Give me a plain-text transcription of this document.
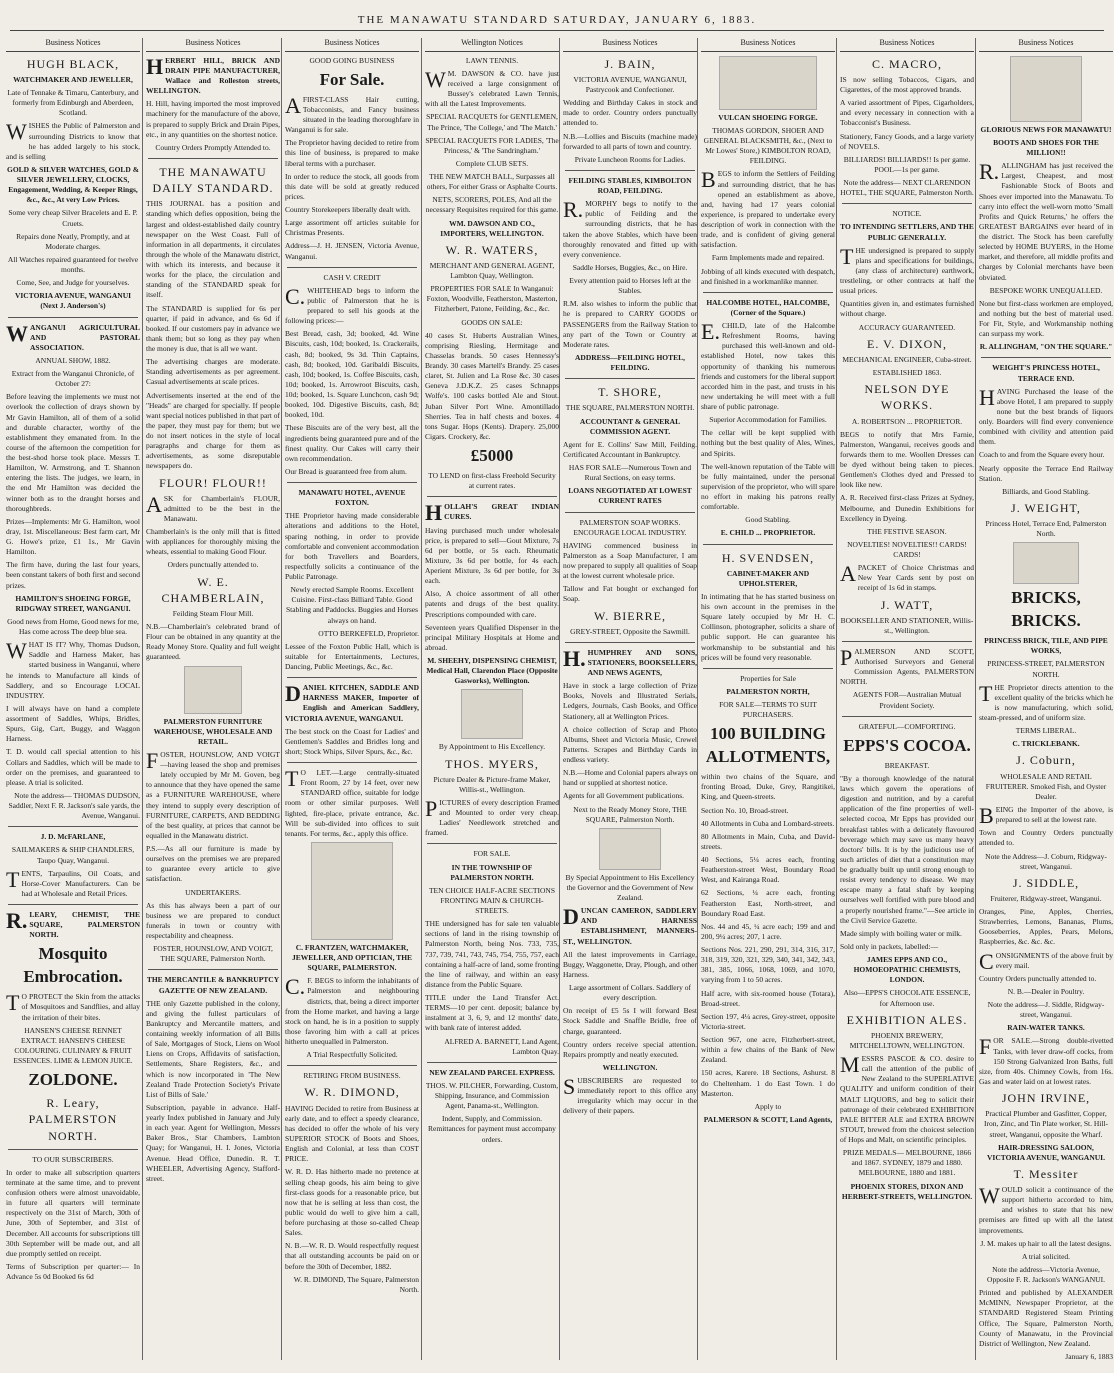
THE MANAWATU STANDARD SATURDAY, JANUARY 6, 1883.
Business Notices
HUGH BLACK,
WATCHMAKER AND JEWELLER,
Late of Tennake & Timaru, Canterbury, and formerly from Edinburgh and Aberdeen, Scotland.
WISHES the Public of Palmerston and surrounding Districts to know that he has added largely to his stock, and is selling
GOLD & SILVER WATCHES, GOLD & SILVER JEWELLERY, CLOCKS, Engagement, Wedding, & Keeper Rings, &c., &c., At very Low Prices.
Some very cheap Silver Bracelets and E. P. Cruets.
Repairs done Neatly, Promptly, and at Moderate charges.
All Watches repaired guaranteed for twelve months.
Come, See, and Judge for yourselves.
VICTORIA AVENUE, WANGANUI (Next J. Anderson's)
WANGANUI AGRICULTURAL AND PASTORAL ASSOCIATION.
ANNUAL SHOW, 1882.
Extract from the Wanganui Chronicle, of October 27:
Before leaving the implements we must not overlook the collection of drays shown by Mr Gavin Hamilton, all of them of a solid and durable character, worthy of the establishment they emanated from. In the course of the afternoon the competition for the best-shod horse took place. Messrs T. Hamilton, W. Armstrong, and T. Shannon entering the lists. The judges, we learn, in the end Mr Hamilton was decided the winner both as to the draught horses and thoroughbreds.
Prizes—Implements: Mr G. Hamilton, wool dray, 1st. Miscellaneous: Best farm cart, Mr G. Howe's prize, £1 1s., Mr Gavin Hamilton.
The firm have, during the last four years, been constant takers of both first and second prizes.
HAMILTON'S SHOEING FORGE, RIDGWAY STREET, WANGANUI.
Good news from Home, Good news for me, Has come across The deep blue sea.
WHAT IS IT? Why, Thomas Dudson, Saddle and Harness Maker, has started business in Wanganui, where he intends to Manufacture all kinds of Saddlery, and so Encourage LOCAL INDUSTRY.
I will always have on hand a complete assortment of Saddles, Whips, Bridles, Spurs, Gig, Cart, Buggy, and Waggon Harness.
T. D. would call special attention to his Collars and Saddles, which will be made to order on the premises, and guaranteed to please. A trial is solicited.
Note the address— THOMAS DUDSON, Saddler, Next F. R. Jackson's sale yards, the Avenue, Wanganui.
J. D. McFARLANE,
SAILMAKERS & SHIP CHANDLERS, Taupo Quay, Wanganui.
TENTS, Tarpaulins, Oil Coats, and Horse-Cover Manufacturers. Can be had at Wholesale and Retail Prices.
R.LEARY, CHEMIST, THE SQUARE, PALMERSTON NORTH.
Mosquito Embrocation.
TO PROTECT the Skin from the attacks of Mosquitoes and Sandflies, and allay the irritation of their bites.
HANSEN'S CHEESE RENNET EXTRACT. HANSEN'S CHEESE COLOURING. CULINARY & FRUIT ESSENCES. LIME & LEMON JUICE.
ZOLDONE.
R. Leary, PALMERSTON NORTH.
TO OUR SUBSCRIBERS.
In order to make all subscription quarters terminate at the same time, and to prevent confusion others were almost unavoidable, in future all quarters will terminate respectively on the 31st of March, 30th of June, 30th of September, and 31st of December. All accounts for subscriptions till 30th September will be made out, and all due promptly settled on receipt.
Terms of Subscription per quarter:— In Advance 5s 0d Booked 6s 6d
Business Notices
HERBERT HILL, BRICK AND DRAIN PIPE MANUFACTURER, Wallace and Rolleston streets, WELLINGTON.
H. Hill, having imported the most improved machinery for the manufacture of the above, is prepared to supply Brick and Drain Pipes, etc., in any quantities on the shortest notice.
Country Orders Promptly Attended to.
THE MANAWATU DAILY STANDARD.
THIS JOURNAL has a position and standing which defies opposition, being the largest and oldest-established daily country newspaper on the West Coast. Full of information in all departments, it circulates through the whole of the Manawatu district, with which its interests, and because it works for the place, the circulation and standing of the STANDARD speak for itself.
The STANDARD is supplied for 6s per quarter, if paid in advance, and 6s 6d if booked. If our customers pay in advance we thank them; but so long as they pay when the money is due, that is all we want.
The advertising charges are moderate. Standing advertisements as per agreement. Casual advertisements at scale prices.
Advertisements inserted at the end of the "Heads" are charged for specially. If people want special notices published in that part of the paper, they must pay for them; but we do not insert notices in the style of local paragraphs and charge for them as advertisements, as some disreputable newspapers do.
FLOUR! FLOUR!!
ASK for Chamberlain's FLOUR, admitted to be the best in the Manawatu.
Chamberlain's is the only mill that is fitted with appliances for thoroughly mixing the wheats, essential to making Good Flour.
Orders punctually attended to.
W. E. CHAMBERLAIN,
Feilding Steam Flour Mill.
N.B.—Chamberlain's celebrated brand of Flour can be obtained in any quantity at the Ready Money Store. Quality and full weight guaranteed.
PALMERSTON FURNITURE WAREHOUSE, WHOLESALE AND RETAIL.
FOSTER, HOUNSLOW, AND VOIGT—having leased the shop and premises lately occupied by Mr M. Goven, beg to announce that they have opened the same as a FURNITURE WAREHOUSE, where they intend to supply every description of FURNITURE, CARPETS, AND BEDDING of the best quality, at prices that cannot be equalled in the Manawatu district.
P.S.—As all our furniture is made by ourselves on the premises we are prepared to guarantee every article to give satisfaction.
UNDERTAKERS.
As this has always been a part of our business we are prepared to conduct funerals in town or country with respectability and cheapness.
FOSTER, HOUNSLOW, AND VOIGT, THE SQUARE, Palmerston North.
THE MERCANTILE & BANKRUPTCY GAZETTE OF NEW ZEALAND.
THE only Gazette published in the colony, and giving the fullest particulars of Bankruptcy and Mercantile matters, and containing weekly information of all Bills of Sale, Mortgages of Stock, Liens on Wool Liens on Crops, Affidavits of satisfaction, Settlements, Share Registers, &c., and which is now incorporated in 'The New Zealand Trade Protection Society's Private List of Bills of Sale.'
Subscription, payable in advance. Half-yearly Index published in January and July in each year. Agent for Wellington, Messrs Baker Bros., Star Chambers, Lambton Quay; for Wanganui, H. I. Jones, Victoria Avenue. Head Office, Dunedin. R. T. WHEELER, Advertising Agency, Stafford-street.
Business Notices
GOOD GOING BUSINESS
For Sale.
AFIRST-CLASS Hair cutting, Tobacconists, and Fancy business situated in the leading thoroughfare in Wanganui is for sale.
The Proprietor having decided to retire from this line of business, is prepared to make liberal terms with a purchaser.
In order to reduce the stock, all goods from this date will be sold at greatly reduced prices.
Country Storekeepers liberally dealt with.
Large assortment off articles suitable for Christmas Presents.
Address—J. H. JENSEN, Victoria Avenue, Wanganui.
CASH V. CREDIT
C.WHITEHEAD begs to inform the public of Palmerston that he is prepared to sell his goods at the following prices:—
Best Bread, cash, 3d; booked, 4d. Wine Biscuits, cash, 10d; booked, 1s. Crackerails, cash, 8d; booked, 9s 3d. Thin Captains, cash, 8d; booked, 10d. Garibaldi Biscuits, cash, 10d; booked, 1s. Coffee Biscuits, cash, 10d; booked, 1s. Arrowroot Biscuits, cash, 10d; booked, 1s. Square Lunchcon, cash 9d; booked, 10d. Digestive Biscuits, cash, 8d; booked, 10d.
These Biscuits are of the very best, all the ingredients being guaranteed pure and of the finest quality. Our Cakes will carry their own recommendation.
Our Bread is guaranteed free from alum.
MANAWATU HOTEL, AVENUE FOXTON.
THE Proprietor having made considerable alterations and additions to the Hotel, sparing nothing, in order to provide comfortable and convenient accommodation for both Travellers and Boarders, respectfully solicits a continuance of the Public Patronage.
Newly erected Sample Rooms. Excellent Cuisine. First-class Billiard Table. Good Stabling and Paddocks. Buggies and Horses always on hand.
OTTO BERKEFELD, Proprietor.
Lessee of the Foxton Public Hall, which is suitable for Entertainments, Lectures, Dancing, Public Meetings, &c., &c.
DANIEL KITCHEN, SADDLE AND HARNESS MAKER, Importer of English and American Saddlery, VICTORIA AVENUE, WANGANUI.
The best stock on the Coast for Ladies' and Gentlemen's Saddles and Bridles long and short; Stock Whips, Silver Spurs, &c., &c.
TO LET.—Large centrally-situated Front Room, 27 by 14 feet, over new STANDARD office, suitable for lodge room or other similar purposes. Well lighted, fire-place, private entrance, &c. Will be sub-divided into offices to suit tenants. For terms, &c., apply this office.
C. FRANTZEN, WATCHMAKER, JEWELLER, AND OPTICIAN, THE SQUARE, PALMERSTON.
C.F. BEGS to inform the inhabitants of Palmerston and neighbouring districts, that, being a direct importer from the Home market, and having a large stock on hand, he is in a position to supply those favoring him with a call at prices hitherto unequalled in Palmerston.
A Trial Respectfully Solicited.
RETIRING FROM BUSINESS.
W. R. DIMOND,
HAVING Decided to retire from Business at early date, and to effect a speedy clearance, has decided to offer the whole of his very SUPERIOR STOCK of Boots and Shoes, English and Colonial, at less than COST PRICE.
W. R. D. Has hitherto made no pretence at selling cheap goods, his aim being to give first-class goods for a reasonable price, but now that he is selling at less than cost, the public would do well to give him a call, before purchasing at those so-called Cheap Sales.
N. B.—W. R. D. Would respectfully request that all outstanding accounts be paid on or before the 30th of December, 1882.
W. R. DIMOND, The Square, Palmerston North.
Wellington Notices
LAWN TENNIS.
WM. DAWSON & CO. have just received a large consignment of Bussey's celebrated Lawn Tennis, with all the Latest Improvements.
SPECIAL RACQUETS for GENTLEMEN, The Prince, 'The College,' and 'The Match.'
SPECIAL RACQUETS FOR LADIES, 'The Princess,' & 'The Sandringham.'
Complete CLUB SETS.
THE NEW MATCH BALL, Surpasses all others, For either Grass or Asphalte Courts.
NETS, SCORERS, POLES, And all the necessary Requisites required for this game.
WM. DAWSON AND CO., IMPORTERS, WELLINGTON.
W. R. WATERS,
MERCHANT AND GENERAL AGENT, Lambton Quay, Wellington.
PROPERTIES FOR SALE In Wanganui: Foxton, Woodville, Featherston, Masterton, Fitzherbert, Patone, Feilding, &c., &c.
GOODS ON SALE:
40 cases St. Huberts Australian Wines, comprising Riesling, Hermitage and Chasselas brands. 50 cases Hennessy's Brandy. 30 cases Martell's Brandy. 25 cases claret, St. Julien and La Rose &c. 30 cases Geneva J.D.K.Z. 25 cases Schnapps Wolfe's. 100 casks bottled Ale and Stout. Juban Silver Port Wine. Amontillado Sherries. Tea in half chests and boxes. 4 tons Sugar. Hops (Kents). Drapery. 25,000 Cigars. Crockery, &c.
£5000
TO LEND on first-class Freehold Security at current rates.
HOLLAH'S GREAT INDIAN CURES.
Having purchased much under wholesale price, is prepared to sell—Gout Mixture, 7s 6d per bottle, or 5s each. Rheumatic Mixture, 3s 6d per bottle, for 4s each. Aperient Mixture, 3s 6d per bottle, for 3s each.
Also, A choice assortment of all other patents and drugs of the best quality. Prescriptions compounded with care.
Seventeen years Qualified Dispenser in the principal Military Hospitals at Home and abroad.
M. SHEEHY, DISPENSING CHEMIST, Medical Hall, Clarendon Place (Opposite Gasworks), Wellington.
By Appointment to His Excellency.
THOS. MYERS,
Picture Dealer & Picture-frame Maker, Willis-st., Wellington.
PICTURES of every description Framed and Mounted to order very cheap. Ladies' Needlework stretched and framed.
FOR SALE.
IN THE TOWNSHIP OF PALMERSTON NORTH.
TEN CHOICE HALF-ACRE SECTIONS FRONTING MAIN & CHURCH-STREETS.
THE undersigned has for sale ten valuable sections of land in the rising township of Palmerston North, being Nos. 733, 735, 737, 739, 741, 743, 745, 754, 755, 757, each containing a half-acre of land, some fronting the line of railway, and within an easy distance from the Public Square.
TITLE under the Land Transfer Act. TERMS—10 per cent. deposit; balance by instalment at 3, 6, 9, and 12 months' date, with bank rate of interest added.
ALFRED A. BARNETT, Land Agent, Lambton Quay.
NEW ZEALAND PARCEL EXPRESS.
THOS. W. PILCHER, Forwarding, Custom, Shipping, Insurance, and Commission Agent, Panama-st., Wellington.
Indent, Supply, and Commission. Remittances for payment must accompany orders.
Business Notices
J. BAIN,
VICTORIA AVENUE, WANGANUI, Pastrycook and Confectioner.
Wedding and Birthday Cakes in stock and made to order. Country orders punctually attended to.
N.B.—Lollies and Biscuits (machine made) forwarded to all parts of town and country.
Private Luncheon Rooms for Ladies.
FEILDING STABLES, KIMBOLTON ROAD, FEILDING.
R.MORPHY begs to notify to the public of Feilding and the surrounding districts, that he has taken the above Stables, which have been thoroughly renovated and fitted up with every convenience.
Saddle Horses, Buggies, &c., on Hire.
Every attention paid to Horses left at the Stables.
R.M. also wishes to inform the public that he is prepared to CARRY GOODS or PASSENGERS from the Railway Station to any part of the Town or Country at Moderate rates.
ADDRESS—FEILDING HOTEL, FEILDING.
T. SHORE,
THE SQUARE, PALMERSTON NORTH.
ACCOUNTANT & GENERAL COMMISSION AGENT.
Agent for E. Collins' Saw Mill, Feilding. Certificated Accountant in Bankruptcy.
HAS FOR SALE—Numerous Town and Rural Sections, on easy terms.
LOANS NEGOTIATED AT LOWEST CURRENT RATES
PALMERSTON SOAP WORKS. ENCOURAGE LOCAL INDUSTRY.
HAVING commenced business in Palmerston as a Soap Manufacturer, I am now prepared to supply all qualities of Soap at the lowest current wholesale price.
Tallow and Fat bought or exchanged for Soap.
W. BIERRE,
GREY-STREET, Opposite the Sawmill.
H.HUMPHREY AND SONS, STATIONERS, BOOKSELLERS, AND NEWS AGENTS,
Have in stock a large collection of Prize Books, Novels and Illustrated Serials, Ledgers, Journals, Cash Books, and Office Stationery, all at Wellington Prices.
A choice collection of Scrap and Photo Albums, Sheet and Victoria Music, Crewel Patterns. Scrapes and Birthday Cards in endless variety.
N.B.—Home and Colonial papers always on hand or supplied at shortest notice.
Agents for all Government publications.
Next to the Ready Money Store, THE SQUARE, Palmerston North.
By Special Appointment to His Excellency the Governor and the Government of New Zealand.
DUNCAN CAMERON, SADDLERY AND HARNESS ESTABLISHMENT, MANNERS-ST., WELLINGTON.
All the latest improvements in Carriage, Buggy, Waggonette, Dray, Plough, and other Harness.
Large assortment of Collars. Saddlery of every description.
On receipt of £5 5s I will forward Best Stock Saddle and Snaffle Bridle, free of charge, guaranteed.
Country orders receive special attention. Repairs promptly and neatly executed.
WELLINGTON.
SUBSCRIBERS are requested to immediately report to this office any irregularity which may occur in the delivery of their papers.
Business Notices
VULCAN SHOEING FORGE.
THOMAS GORDON, SHOER AND GENERAL BLACKSMITH, &c., (Next to Mr Lowes' Store,) KIMBOLTON ROAD, FEILDING.
BEGS to inform the Settlers of Feilding and surrounding district, that he has opened an establishment as above, and, having had 17 years colonial experience, is prepared to undertake every description of work in connection with the trade, and is confident of giving general satisfaction.
Farm Implements made and repaired.
Jobbing of all kinds executed with despatch, and finished in a workmanlike manner.
HALCOMBE HOTEL, HALCOMBE, (Corner of the Square.)
E.CHILD, late of the Halcombe Refreshment Rooms, having purchased this well-known and old-established Hotel, now takes this opportunity of thanking his numerous friends and customers for the liberal support accorded him in the past, and trusts in his new undertaking he will meet with a full share of public patronage.
Superior Accommodation for Families.
The cellar will be kept supplied with nothing but the best quality of Ales, Wines, and Spirits.
The well-known reputation of the Table will be fully maintained, under the personal supervision of the proprietor, who will spare no effort in making his patrons really comfortable.
Good Stabling.
E. CHILD ... PROPRIETOR.
H. SVENDSEN,
CABINET-MAKER AND UPHOLSTERER,
In intimating that he has started business on his own account in the premises in the Square lately occupied by Mr H. C. Collinson, photographer, solicits a share of public support. He can guarantee his workmanship to be substantial and his prices will be found very reasonable.
Properties for Sale
PALMERSTON NORTH,
FOR SALE—TERMS TO SUIT PURCHASERS.
100 BUILDING ALLOTMENTS,
within two chains of the Square, and fronting Broad, Duke, Grey, Rangitikei, King, and Queen-streets.
Section No. 10, Broad-street.
40 Allotments in Cuba and Lombard-streets.
80 Allotments in Main, Cuba, and David-streets.
40 Sections, 5¼ acres each, fronting Featherston-street West, Boundary Road West, and Kairanga Road.
62 Sections, ¼ acre each, fronting Featherston East, North-street, and Boundary Road East.
Nos. 44 and 45, ¼ acre each; 199 and and 200, 9¼ acres; 207, 1 acre.
Sections Nos. 221, 290, 291, 314, 316, 317, 318, 319, 320, 321, 329, 340, 341, 342, 343, 381, 385, 1066, 1068, 1069, and 1070, varying from 1 to 50 acres.
Half acre, with six-roomed house (Totara), Broad-street.
Section 197, 4¼ acres, Grey-street, opposite Victoria-street.
Section 967, one acre, Fitzherbert-street, within a few chains of the Bank of New Zealand.
150 acres, Karere. 18 Sections, Ashurst. 8 do Cheltenham. 1 do East Town. 1 do Masterton.
Apply to
PALMERSON & SCOTT, Land Agents,
Business Notices
C. MACRO,
IS now selling Tobaccos, Cigars, and Cigarettes, of the most approved brands.
A varied assortment of Pipes, Cigarholders, and every necessary in connection with a Tobacconist's Business.
Stationery, Fancy Goods, and a large variety of NOVELS.
BILLIARDS! BILLIARDS!! Is per game. POOL—1s per game.
Note the address— NEXT CLARENDON HOTEL, THE SQUARE, Palmerston North.
NOTICE.
TO INTENDING SETTLERS, AND THE PUBLIC GENERALLY.
THE undersigned is prepared to supply plans and specifications for buildings, (any class of architecture) earthwork, trestleling, or other contracts at half the usual prices.
Quantities given in, and estimates furnished without charge.
ACCURACY GUARANTEED.
E. V. DIXON,
MECHANICAL ENGINEER, Cuba-street.
ESTABLISHED 1863.
NELSON DYE WORKS.
A. ROBERTSON ... PROPRIETOR.
BEGS to notify that Mrs Farnie, Palmerston, Wanganui, receives goods and forwards them to me. Woollen Dresses can be dyed without being taken to pieces. Gentlemen's Clothes dyed and Pressed to look like new.
A. R. Received first-class Prizes at Sydney, Melbourne, and Dunedin Exhibitions for Excellency in Dyeing.
THE FESTIVE SEASON.
NOVELTIES! NOVELTIES!! CARDS! CARDS!
APACKET of Choice Christmas and New Year Cards sent by post on receipt of 1s 6d in stamps.
J. WATT,
BOOKSELLER AND STATIONER, Willis-st., Wellington.
PALMERSON AND SCOTT, Authorised Surveyors and General Commission Agents, PALMERSTON NORTH.
AGENTS FOR—Australian Mutual Provident Society.
GRATEFUL—COMFORTING.
EPPS'S COCOA.
BREAKFAST.
"By a thorough knowledge of the natural laws which govern the operations of digestion and nutrition, and by a careful application of the fine properties of well-selected cocoa, Mr Epps has provided our breakfast tables with a delicately flavoured beverage which may save us many heavy doctors' bills. It is by the judicious use of such articles of diet that a constitution may be gradually built up until strong enough to resist every tendency to disease. We may escape many a fatal shaft by keeping ourselves well fortified with pure blood and a properly nourished frame."—See article in the Civil Service Gazette.
Made simply with boiling water or milk.
Sold only in packets, labelled:—
JAMES EPPS AND CO., HOMOEOPATHIC CHEMISTS, LONDON.
Also—EPPS'S CHOCOLATE ESSENCE, for Afternoon use.
EXHIBITION ALES.
PHOENIX BREWERY, MITCHELLTOWN, WELLINGTON.
MESSRS PASCOE & CO. desire to call the attention of the public of New Zealand to the SUPERLATIVE QUALITY and uniform condition of their MALT LIQUORS, and beg to solicit their patronage of their celebrated EXHIBITION PALE BITTER ALE and EXTRA BROWN STOUT, brewed from the choicest selection of Hops and Malt, on scientific principles.
PRIZE MEDALS— MELBOURNE, 1866 and 1867. SYDNEY, 1879 and 1880. MELBOURNE, 1880 and 1881.
PHOENIX STORES, DIXON AND HERBERT-STREETS, WELLINGTON.
Business Notices
GLORIOUS NEWS FOR MANAWATU!
BOOTS AND SHOES FOR THE MILLION!!
R.ALLINGHAM has just received the Largest, Cheapest, and most Fashionable Stock of Boots and Shoes ever imported into the Manawatu. To carry into effect the well-worn motto 'Small Profits and Quick Returns,' he offers the GREATEST BARGAINS ever heard of in the district. The Stock has been carefully selected by HOME BUYERS, in the Home market, and therefore, all middle profits and charges by Colonial merchants have been obviated.
BESPOKE WORK UNEQUALLED.
None but first-class workmen are employed, and nothing but the best of material used. For Fit, Style, and Workmanship nothing can surpass my work.
R. ALLINGHAM, "ON THE SQUARE."
WEIGHT'S PRINCESS HOTEL, TERRACE END.
HAVING Purchased the lease of the above Hotel, I am prepared to supply none but the best brands of liquors only. Boarders will find every convenience combined with civility and attention paid them.
Coach to and from the Square every hour.
Nearly opposite the Terrace End Railway Station.
Billiards, and Good Stabling.
J. WEIGHT,
Princess Hotel, Terrace End, Palmerston North.
BRICKS, BRICKS.
PRINCESS BRICK, TILE, AND PIPE WORKS,
PRINCESS-STREET, PALMERSTON NORTH.
THE Proprietor directs attention to the excellent quality of the bricks which he is now manufacturing, which solid, steam-pressed, and of uniform size.
TERMS LIBERAL.
C. TRICKLEBANK.
J. Coburn,
WHOLESALE AND RETAIL FRUITERER. Smoked Fish, and Oyster Dealer.
BEING the Importer of the above, is prepared to sell at the lowest rate.
Town and Country Orders punctually attended to.
Note the Address—J. Coburn, Ridgway-street, Wanganui.
J. SIDDLE,
Fruiterer, Ridgway-street, Wanganui.
Oranges, Pine, Apples, Cherries, Strawberries, Lemons, Bananas, Plums, Gooseberries, Apples, Pears, Melons, Raspberries, &c. &c. &c.
CONSIGNMENTS of the above fruit by every mail.
Country Orders punctually attended to.
N. B.—Dealer in Poultry.
Note the address—J. Siddle, Ridgway-street, Wanganui.
RAIN-WATER TANKS.
FOR SALE.—Strong double-rivetted Tanks, with lever draw-off cocks, from 150 Strong Galvanized Iron Baths, full size, from 40s. Chimney Cowls, from 16s. Gas and water laid on at lowest rates.
JOHN IRVINE,
Practical Plumber and Gasfitter, Copper, Iron, Zinc, and Tin Plate worker, St. Hill-street, Wanganui, opposite the Wharf.
HAIR-DRESSING SALOON, VICTORIA AVENUE, WANGANUI.
T. Messiter
WOULD solicit a continuance of the support hitherto accorded to him, and wishes to state that his new premises are fitted up with all the latest improvements.
J. M. makes up hair to all the latest designs.
A trial solicited.
Note the address—Victoria Avenue, Opposite F. R. Jackson's WANGANUI.
Printed and published by ALEXANDER McMINN, Newspaper Proprietor, at the STANDARD Registered Steam Printing Office, The Square, Palmerston North, County of Manawatu, in the Provincial District of Wellington, New Zealand.
January 6, 1883
